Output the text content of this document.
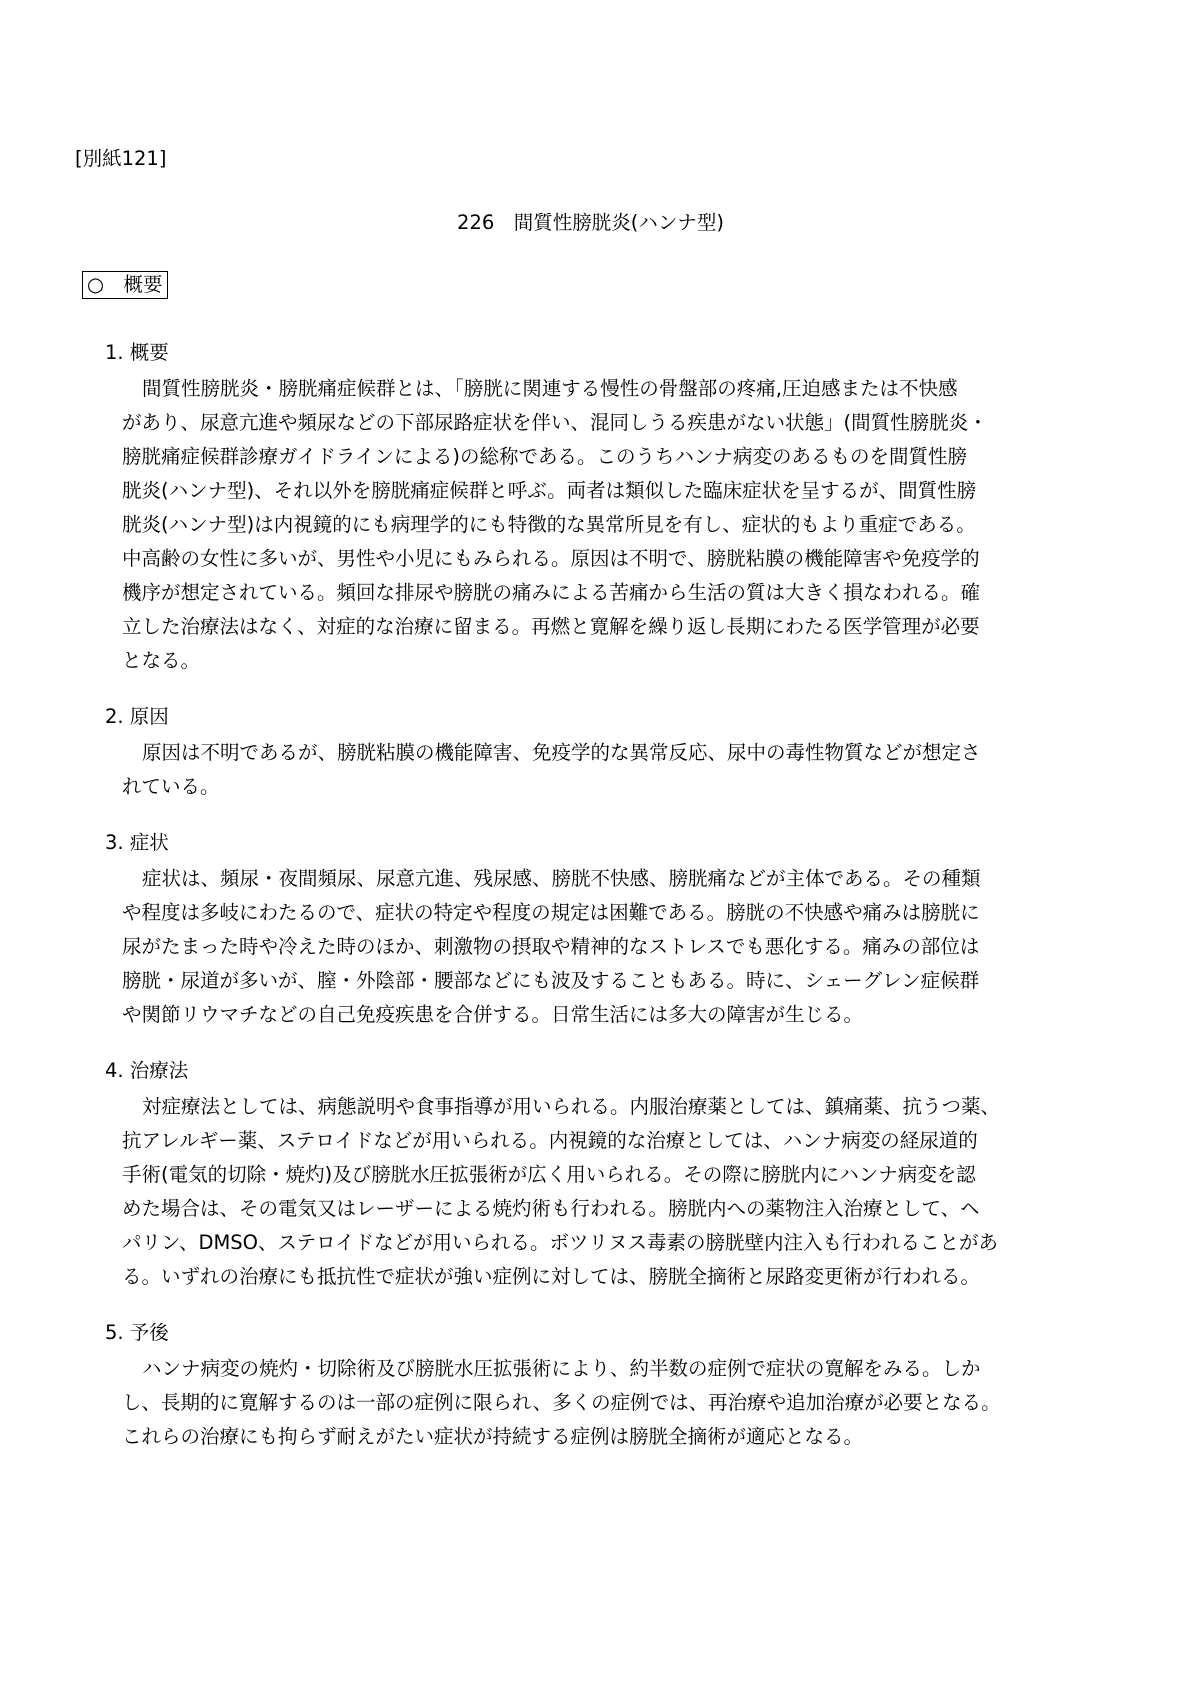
[別紙121]
226　間質性膀胱炎(ハンナ型)
○　概要
1. 概要
間質性膀胱炎・膀胱痛症候群とは、「膀胱に関連する慢性の骨盤部の疼痛,圧迫感または不快感
があり、尿意亢進や頻尿などの下部尿路症状を伴い、混同しうる疾患がない状態」(間質性膀胱炎・
膀胱痛症候群診療ガイドラインによる)の総称である。このうちハンナ病変のあるものを間質性膀
胱炎(ハンナ型)、それ以外を膀胱痛症候群と呼ぶ。両者は類似した臨床症状を呈するが、間質性膀
胱炎(ハンナ型)は内視鏡的にも病理学的にも特徴的な異常所見を有し、症状的もより重症である。
中高齢の女性に多いが、男性や小児にもみられる。原因は不明で、膀胱粘膜の機能障害や免疫学的
機序が想定されている。頻回な排尿や膀胱の痛みによる苦痛から生活の質は大きく損なわれる。確
立した治療法はなく、対症的な治療に留まる。再燃と寛解を繰り返し長期にわたる医学管理が必要
となる。
2. 原因
原因は不明であるが、膀胱粘膜の機能障害、免疫学的な異常反応、尿中の毒性物質などが想定さ
れている。
3. 症状
症状は、頻尿・夜間頻尿、尿意亢進、残尿感、膀胱不快感、膀胱痛などが主体である。その種類
や程度は多岐にわたるので、症状の特定や程度の規定は困難である。膀胱の不快感や痛みは膀胱に
尿がたまった時や冷えた時のほか、刺激物の摂取や精神的なストレスでも悪化する。痛みの部位は
膀胱・尿道が多いが、膣・外陰部・腰部などにも波及することもある。時に、シェーグレン症候群
や関節リウマチなどの自己免疫疾患を合併する。日常生活には多大の障害が生じる。
4. 治療法
対症療法としては、病態説明や食事指導が用いられる。内服治療薬としては、鎮痛薬、抗うつ薬、
抗アレルギー薬、ステロイドなどが用いられる。内視鏡的な治療としては、ハンナ病変の経尿道的
手術(電気的切除・焼灼)及び膀胱水圧拡張術が広く用いられる。その際に膀胱内にハンナ病変を認
めた場合は、その電気又はレーザーによる焼灼術も行われる。膀胱内への薬物注入治療として、ヘ
パリン、DMSO、ステロイドなどが用いられる。ボツリヌス毒素の膀胱壁内注入も行われることがあ
る。いずれの治療にも抵抗性で症状が強い症例に対しては、膀胱全摘術と尿路変更術が行われる。
5. 予後
ハンナ病変の焼灼・切除術及び膀胱水圧拡張術により、約半数の症例で症状の寛解をみる。しか
し、長期的に寛解するのは一部の症例に限られ、多くの症例では、再治療や追加治療が必要となる。
これらの治療にも拘らず耐えがたい症状が持続する症例は膀胱全摘術が適応となる。
